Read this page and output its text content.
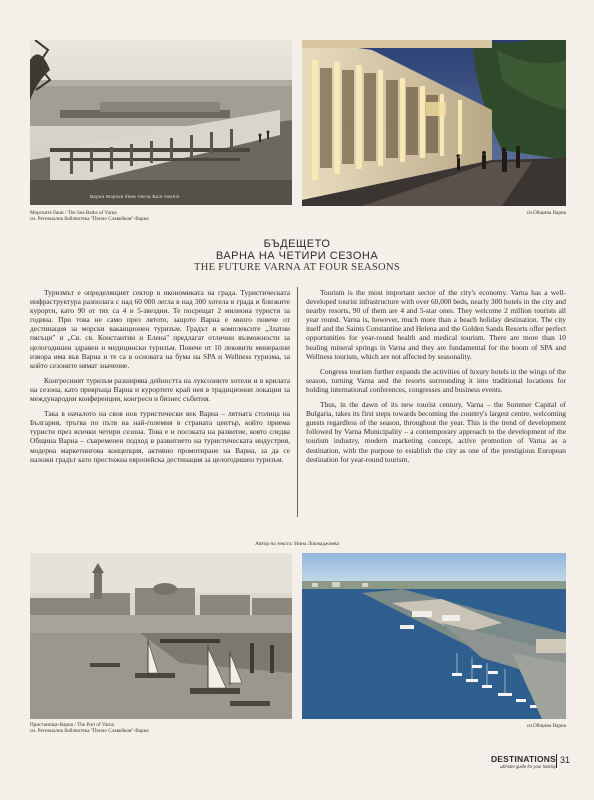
Варна Морски бани Varna Bain marein
Морските бани / The Sea Baths of Varna
сн. Регионална библиотека "Пенчо Славейков"-Варна
сн.Община Варна
БЪДЕЩЕТО
ВАРНА НА ЧЕТИРИ СЕЗОНА
THE FUTURE VARNA AT FOUR SEASONS

Туризмът е определящият сектор в икономиката на града. Туристическата инфраструктура разполага с над 60 000 легла в над 300 хотела в града и близките курорти, като 90 от тях са 4 и 5-звездни. Те посрещат 2 милиона туристи за година. При това не само през лятото, защото Варна е много повече от дестинация за морски ваканционен туризъм. Градът и комплексите „Златни пясъци" и „Св. св. Константин и Елена" предлагат отлични възможности за целогодишен здравен и медицински туризъм. Повече от 10 лековити минерални извора има във Варна и те са в основата на бума на SPA и Wellness туризма, за който сезоните нямат значение.

Конгресният туризъм разширява дейността на луксозните хотели и в крилата на сезона, като превръща Варна и курортите край нея в традиционни локации за международни конференции, конгреси и бизнес събития.

Така в началото на своя нов туристически век Варна – лятната столица на България, тръгва по пътя на най-големия в страната център, който приема туристи през всички четири сезона. Това е и посоката на развитие, която следва Община Варна – съвременен подход в развитието на туристическата индустрия, модерна маркетингова концепция, активно промотиране на Варна, за да се наложи градът като престижна европейска дестинация за целогодишен туризъм.

Tourism is the most important sector of the city's economy. Varna has a well-developed tourist infrastructure with over 60,000 beds, nearly 300 hotels in the city and nearby resorts, 90 of them are 4 and 5-star ones. They welcome 2 million tourists all year round. Varna is, however, much more than a beach holiday destination. The city itself and the Saints Constantine and Helena and the Golden Sands Resorts offer perfect opportunities for year-round health and medical tourism. There are more than 10 healing mineral springs in Varna and they are fundamental for the boom of SPA and Wellness tourism, which are not affected by seasonality.

Congress tourism further expands the activities of luxury hotels in the wings of the season, turning Varna and the resorts surrounding it into traditional locations for holding international conferences, congresses and business events.

Thus, in the dawn of its new tourist century, Varna – the Summer Capital of Bulgaria, takes its first steps towards becoming the country's largest centre, welcoming guests regardless of the season, throughout the year. This is the trend of development followed by Varna Municipality – a contemporary approach to the development of the tourism industry, modern marketing concept, active promotion of Varna as a destination, with the purpose to establish the city as one of the prestigious European destination for year-round tourism.

Автор на текста: Нина Локмаджиева
Пристанище-Варна / The Port of Varna
сн. Регионална библиотека "Пенчо Славейков"-Варна
сн.Община Варна
DESTINATIONS
ultimate guide for your holiday
31
